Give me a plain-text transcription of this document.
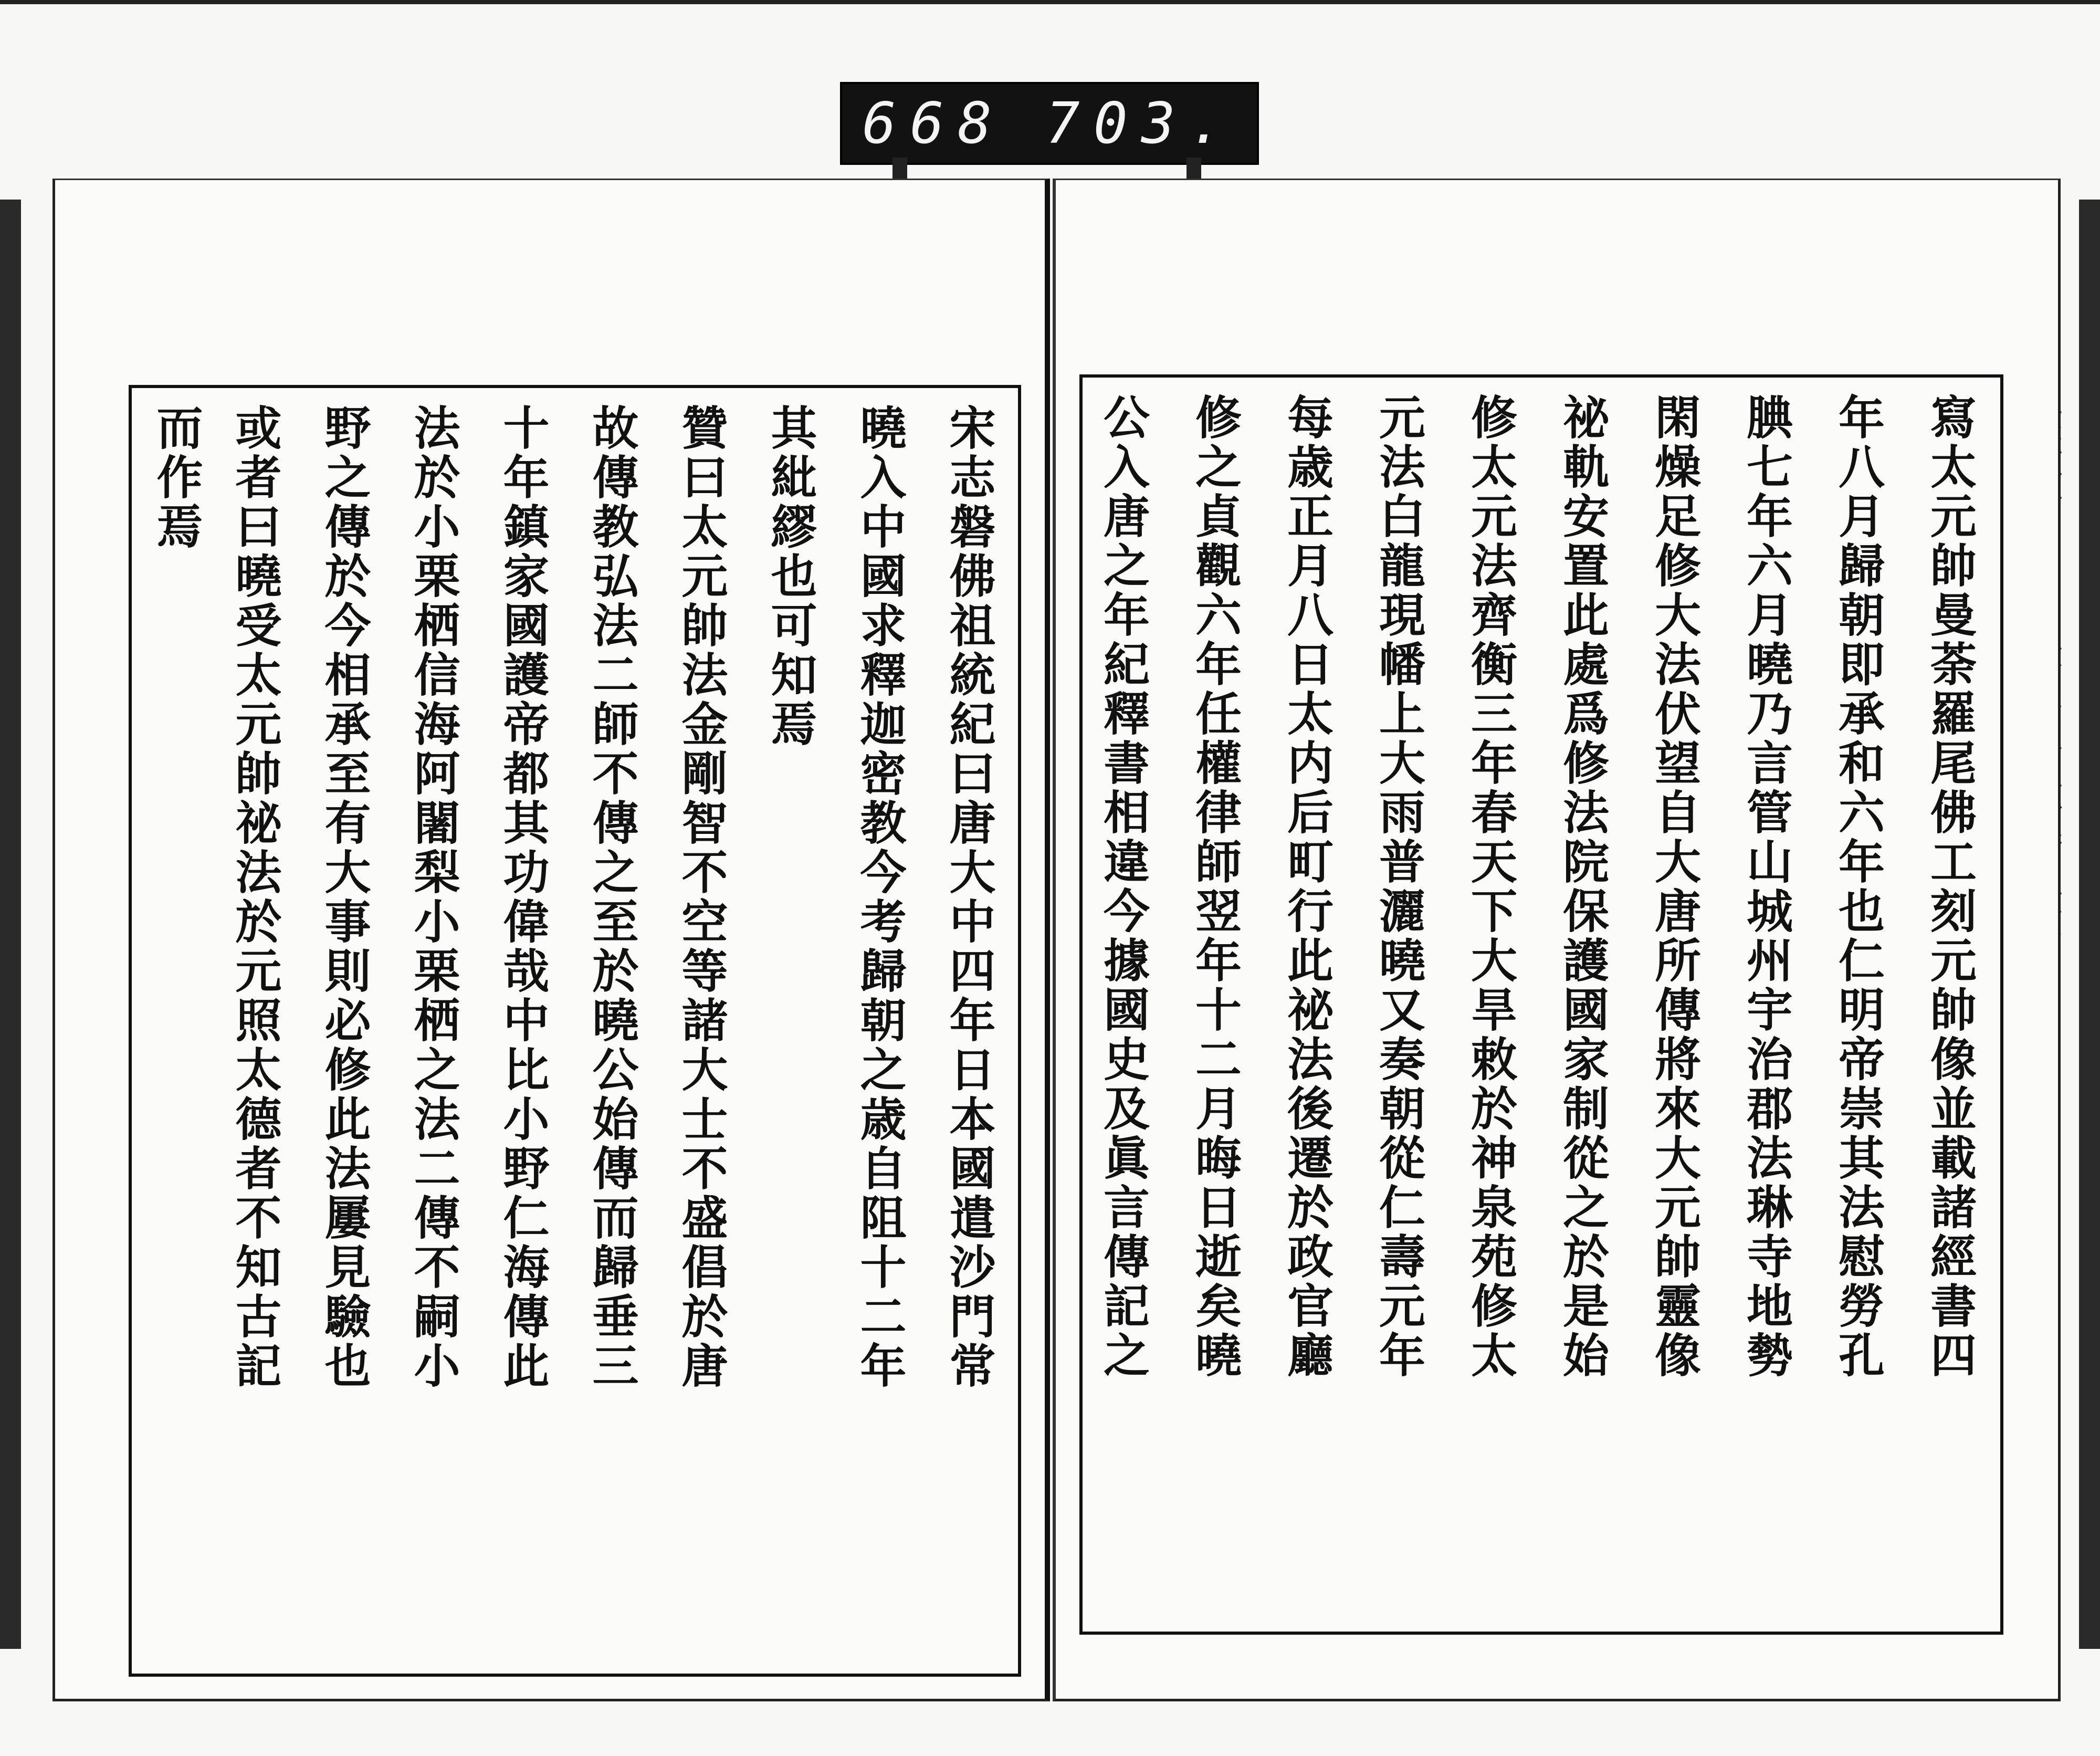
668 703.
宋志磐佛祖統紀曰唐大中四年日本國遣沙門常
曉入中國求釋迦密教今考歸朝之歳自阻十二年
其紕繆也可知焉
贊曰太元帥法金剛智不空等諸大士不盛倡於唐
故傳教弘法二師不傳之至於曉公始傳而歸垂三
十年鎮家國護帝都其功偉哉中比小野仁海傳此
法於小栗栖信海阿闍梨小栗栖之法二傳不嗣小
野之傳於今相承至有大事則必修此法屢見驗也
或者曰曉受太元帥祕法於元照太德者不知古記
而作焉	寫太元帥曼荼羅尾佛工刻元帥像並載諸經書四
年八月歸朝即承和六年也仁明帝崇其法慰勞孔
腆七年六月曉乃言管山城州宇治郡法琳寺地勢
閑燥足修大法伏望自大唐所傳將來大元帥靈像
祕軌安置此處爲修法院保護國家制從之於是始
修太元法齊衡三年春天下大旱敕於神泉苑修太
元法白龍現幡上大雨普灑曉又奏朝從仁壽元年
每歳正月八日太内后町行此祕法後遷於政官廳
修之貞觀六年任權律師翌年十二月晦日逝矣曉
公入唐之年紀釋書相違今據國史及眞言傳記之
